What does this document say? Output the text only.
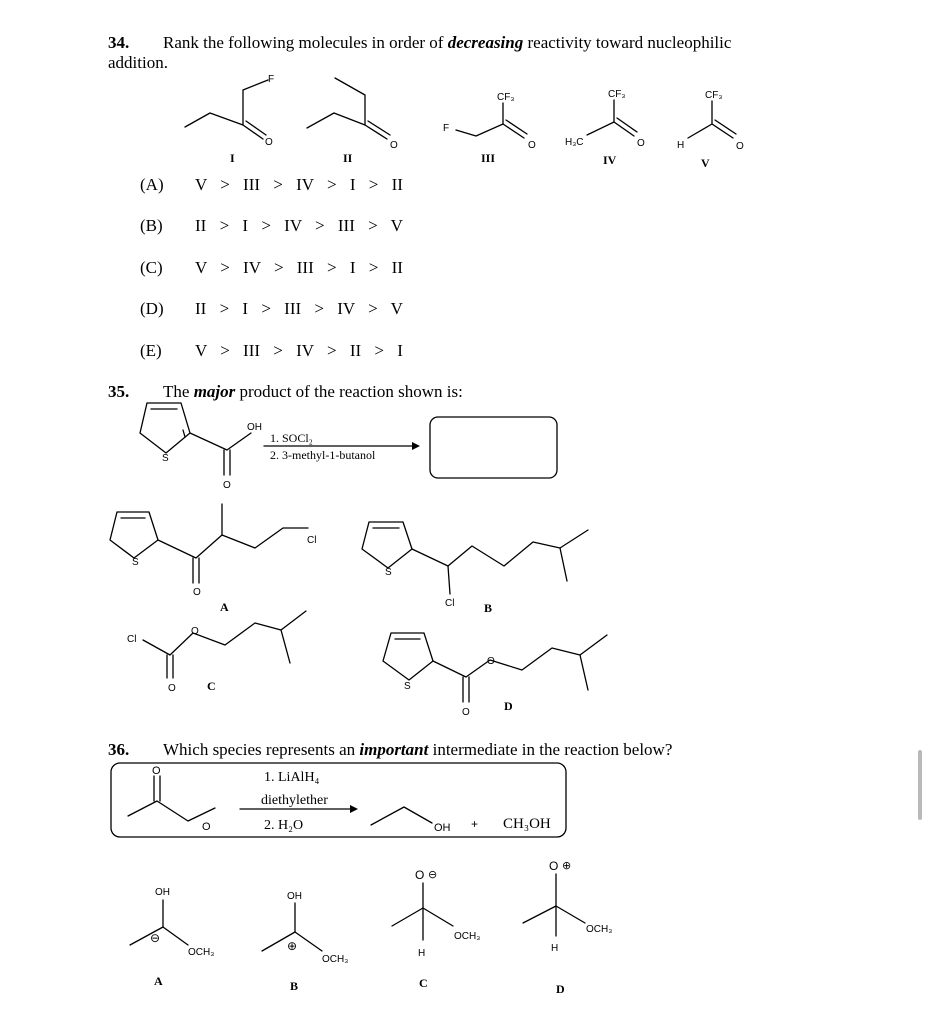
34. Rank the following molecules in order of decreasing reactivity toward nucleophilic
addition.
F
O
I
O
II
F
CF₃
O
III
H₃C
CF₃
O
IV
H
CF₃
O
V
(A) V > III > IV > I > II
(B) II > I > IV > III > V
(C) V > IV > III > I > II
(D) II > I > III > IV > V
(E) V > III > IV > II > I
35. The major product of the reaction shown is:
S
OH
O
1. SOCl₂
2. 3-methyl-1-butanol
S
O
Cl
A
S
Cl B
Cl
O
O	C	S
O
O	D
36. Which species represents an important intermediate in the reaction below?
O
O
1. LiAlH₄
diethylether
2. H₂O	OH + CH₃OH
OH
⊖
OCH₃
A
OH
⊕
OCH₃
B
O ⊖
H
OCH₃
C
O ⊕
H
OCH₃
D
